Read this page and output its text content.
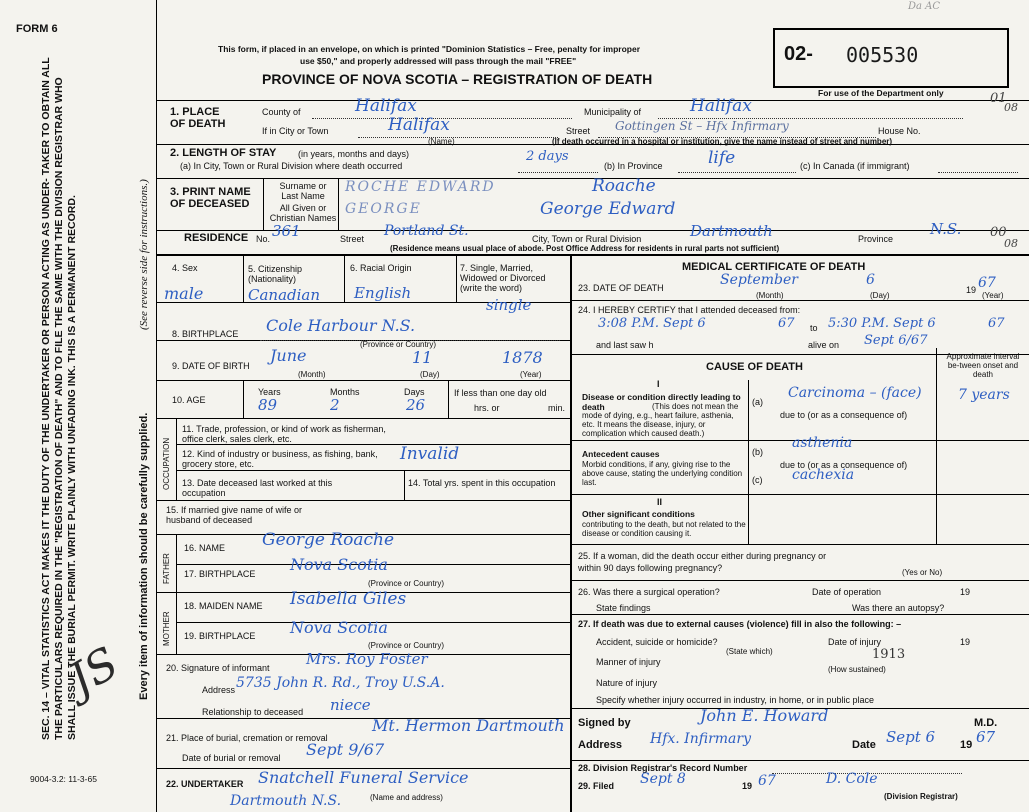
FORM 6
This form, if placed in an envelope, on which is printed "Dominion Statistics – Free, penalty for improper
use $50," and properly addressed will pass through the mail "FREE"
PROVINCE OF NOVA SCOTIA – REGISTRATION OF DEATH
02- 005530
For use of the Department only	01
08
00
08
Da AC
SEC. 14 – VITAL STATISTICS ACT MAKES IT THE DUTY OF THE UNDERTAKER OR PERSON ACTING AS UNDER- TAKER TO OBTAIN ALL THE PARTICULARS REQUIRED IN THE "REGISTRATION OF DEATH" AND TO FILE THE SAME WITH THE DIVISION REGISTRAR WHO SHALL ISSUE THE BURIAL PERMIT. WRITE PLAINLY WITH UNFADING INK. THIS IS A PERMANENT RECORD.	(See reverse side for instructions.)
Every item of information should be carefully supplied.
JS
1. PLACE OF DEATH
County of	Halifax	Municipality of	Halifax
If in City or Town	Halifax	Street Gottingen St – Hfx Infirmary	House No.
(Name)	(If death occurred in a hospital or institution, give the name instead of street and number)
2. LENGTH OF STAY (in years, months and days)
(a) In City, Town or Rural Division where death occurred
2 days
(b) In Province	life	(c) In Canada (if immigrant)
3. PRINT NAME OF DECEASED
Surname or Last Name
ROCHE EDWARD	Roache
All Given or Christian Names
GEORGE	George Edward
RESIDENCE No. 361	Street Portland St.	City, Town or Rural Division	Dartmouth	Province
N.S.
(Residence means usual place of abode. Post Office Address for residents in rural parts not sufficient)
4. Sex
male
5. Citizenship (Nationality)
Canadian
6. Racial Origin
English
7. Single, Married, Widowed or Divorced (write the word)
single
8. BIRTHPLACE Cole Harbour N.S.
(Province or Country)
9. DATE OF BIRTH
June	11	1878
(Month)	(Day)	(Year)
10. AGE
Years	Months	Days
89	2	26
If less than one day old
hrs. or	min.
OCCUPATION
11. Trade, profession, or kind of work as fisherman, office clerk, sales clerk, etc.
12. Kind of industry or business, as fishing, bank, grocery store, etc.	Invalid
13. Date deceased last worked at this occupation
14. Total yrs. spent in this occupation
15. If married give name of wife or husband of deceased
FATHER
MOTHER
16. NAME George Roache
17. BIRTHPLACE Nova Scotia
(Province or Country)
18. MAIDEN NAME Isabella Giles
19. BIRTHPLACE Nova Scotia
(Province or Country)
20. Signature of informant Mrs. Roy Foster
Address 5735 John R. Rd., Troy U.S.A.
Relationship to deceased niece
21. Place of burial, cremation or removal
Mt. Hermon Dartmouth
Date of burial or removal Sept 9/67
22. UNDERTAKER Snatchell Funeral Service
Dartmouth N.S.	(Name and address)
MEDICAL CERTIFICATE OF DEATH
23. DATE OF DEATH	September	6
19 67
(Month)	(Day)	(Year)
24. I HEREBY CERTIFY that I attended deceased from:
3:08 P.M. Sept 6	67 to 5:30 P.M. Sept 6	67
and last saw h	alive on Sept 6/67
CAUSE OF DEATH
Approximate interval be-tween onset and death
I
Disease or condition directly leading to death	(This does not mean the mode of dying, e.g., heart failure, asthenia, etc. It means the disease, injury, or complication which caused death.)
(a)
Carcinoma – (face)	7 years
due to (or as a consequence of)
Antecedent causes
Morbid conditions, if any, giving rise to the above cause, stating the underlying condition last.
(b)
asthenia
due to (or as a consequence of)
(c) cachexia
II
Other significant conditions
contributing to the death, but not related to the disease or condition causing it.
25. If a woman, did the death occur either during pregnancy or within 90 days following pregnancy?	(Yes or No)
26. Was there a surgical operation?	Date of operation	19
State findings	Was there an autopsy?
27. If death was due to external causes (violence) fill in also the following: –
Accident, suicide or homicide?	Date of injury	19
(State which)
Manner of injury	1913
(How sustained)
Nature of injury
Specify whether injury occurred in industry, in home, or in public place
Signed by	John E. Howard	M.D.
Address Hfx. Infirmary	Date Sept 6 19 67
28. Division Registrar's Record Number
29. Filed Sept 8	19 67	D. Cole
(Division Registrar)
9004-3.2: 11-3-65
